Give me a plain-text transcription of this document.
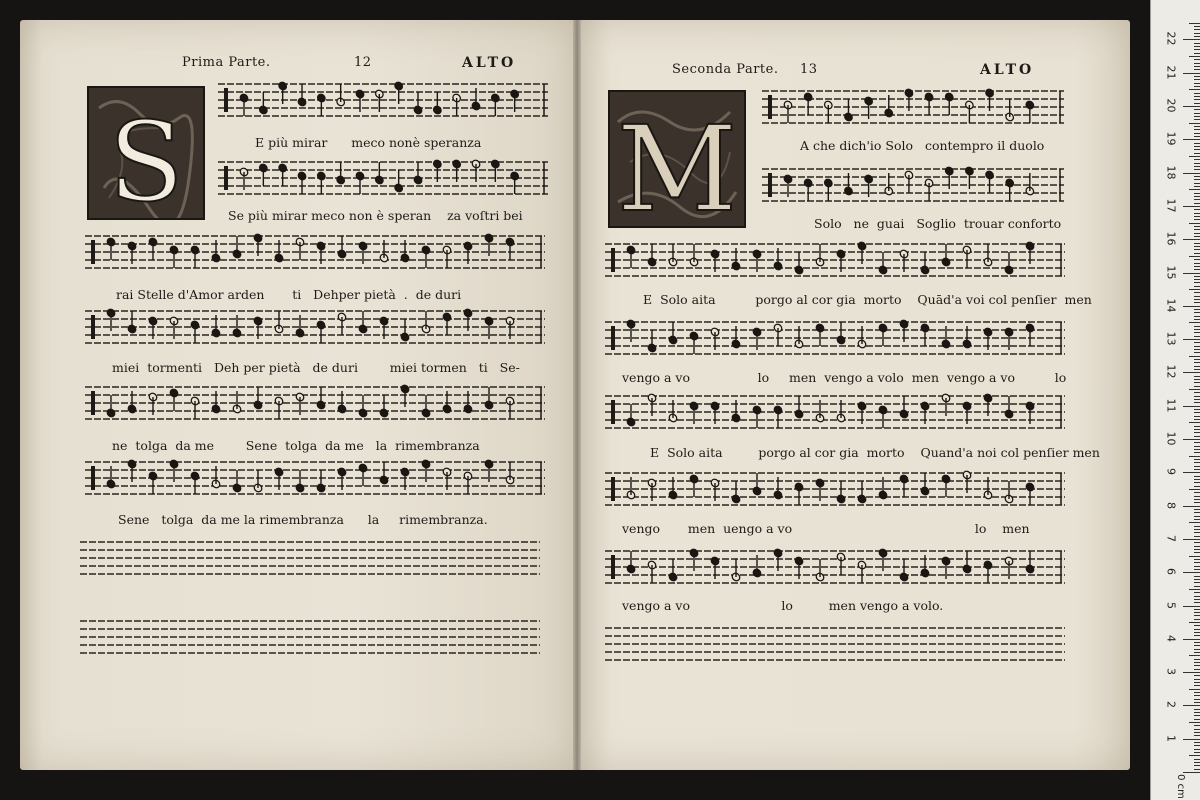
Prima Parte.	12	ALTO
S
Seconda Parte. 13	ALTO
M
E più mirar      meco nonè speranza
Se più mirar meco non è speran    za voſtri bei
rai Stelle d'Amor arden       ti   Dehper pietà  .  de duri
miei  tormenti   Deh per pietà   de duri        miei tormen   ti   Se-
ne  tolga  da me        Sene  tolga  da me   la  rimembranza
Sene   tolga  da me la rimembranza      la     rimembranza.
A che dich'io Solo   contempro il duolo
Solo   ne  guai   Soglio  trouar conforto
E  Solo aita          porgo al cor gia  morto    Quād'a voi col penſier  men
vengo a vo                 lo     men  vengo a volo  men  vengo a vo          lo
E  Solo aita         porgo al cor gia  morto    Quand'a noi col penſier men
vengo       men  uengo a vo                                              lo    men
vengo a vo                       lo         men vengo a volo.
1
2
3
4
5
6
7
8
9
10
11
12
13
14
15
16
17
18
19
20
21
22
0 cm
